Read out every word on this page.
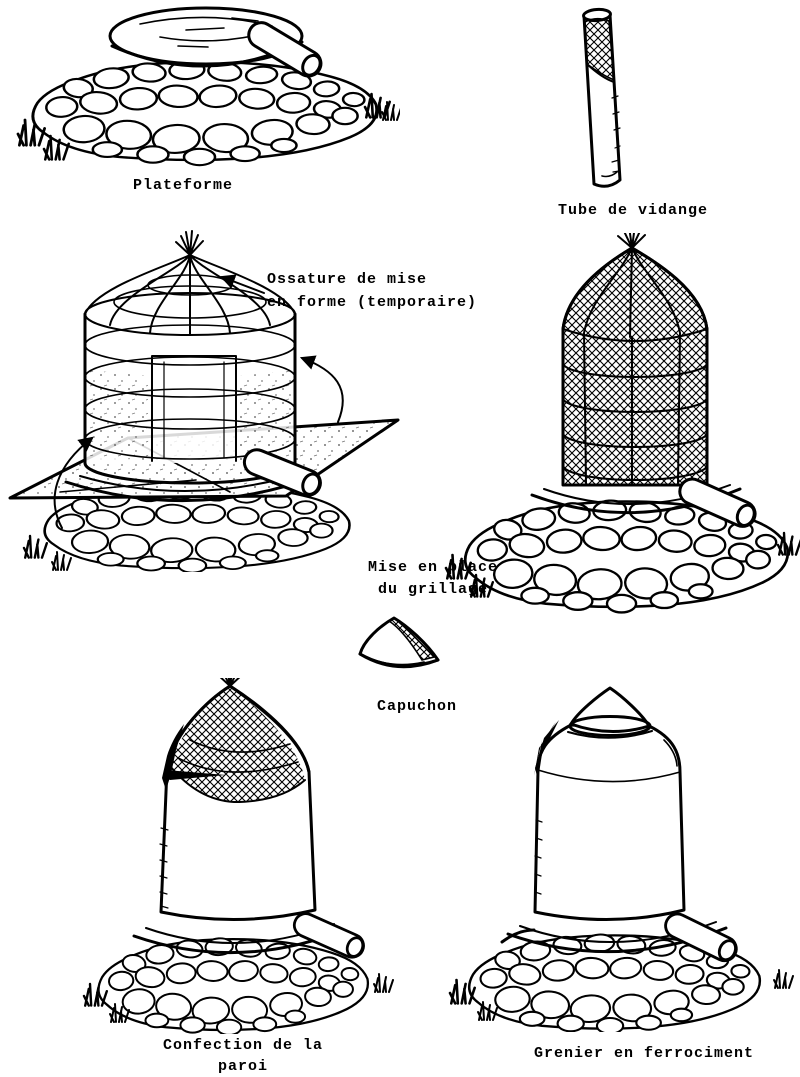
Plateforme
Tube de vidange
Ossature de mise
en forme (temporaire)
Mise en place
du grillage
Capuchon
Confection de la
paroi
Grenier en ferrociment
